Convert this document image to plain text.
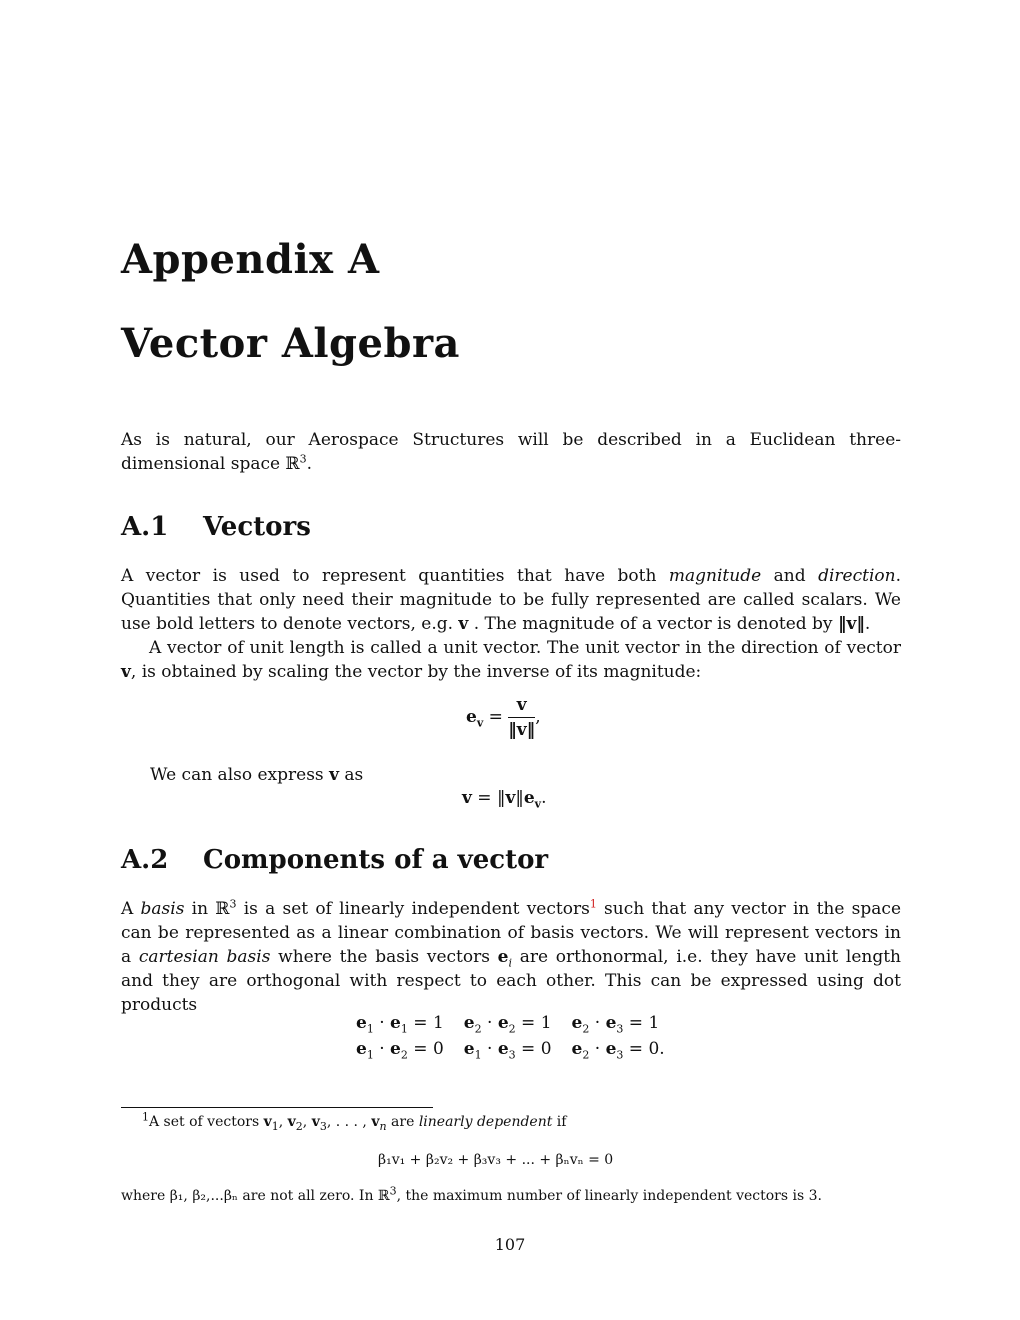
Appendix A
Vector Algebra
As is natural, our Aerospace Structures will be described in a Euclidean three-dimensional space ℝ$^3$.
A.1 Vectors
A vector is used to represent quantities that have both magnitude and direction. Quantities that only need their magnitude to be fully represented are called scalars. We use bold letters to denote vectors, e.g. v . The magnitude of a vector is denoted by ‖v‖.
A vector of unit length is called a unit vector. The unit vector in the direction of vector v, is obtained by scaling the vector by the inverse of its magnitude:
$e_v = \frac{v}{‖v‖}$ ,
We can also express v as
$v = ‖v‖e_v$.
A.2 Components of a vector
A basis in ℝ$^3$ is a set of linearly independent vectors$^1$ such that any vector in the space can be represented as a linear combination of basis vectors. We will represent vectors in a cartesian basis where the basis vectors $e_i$ are orthonormal, i.e. they have unit length and they are orthogonal with respect to each other. This can be expressed using dot products
$e_1 \cdot e_1 = 1$	$e_2 \cdot e_2 = 1$	$e_2 \cdot e_3 = 1$
$e_1 \cdot e_2 = 0$	$e_1 \cdot e_3 = 0$	$e_2 \cdot e_3 = 0$.
$^1$A set of vectors $v_1$, $v_2$, $v_3$, . . . , $v_n$ are linearly dependent if
β₁v₁ + β₂v₂ + β₃v₃ + ... + βₙvₙ = 0
where β₁, β₂,...βₙ are not all zero. In ℝ$^3$, the maximum number of linearly independent vectors is 3.
107
